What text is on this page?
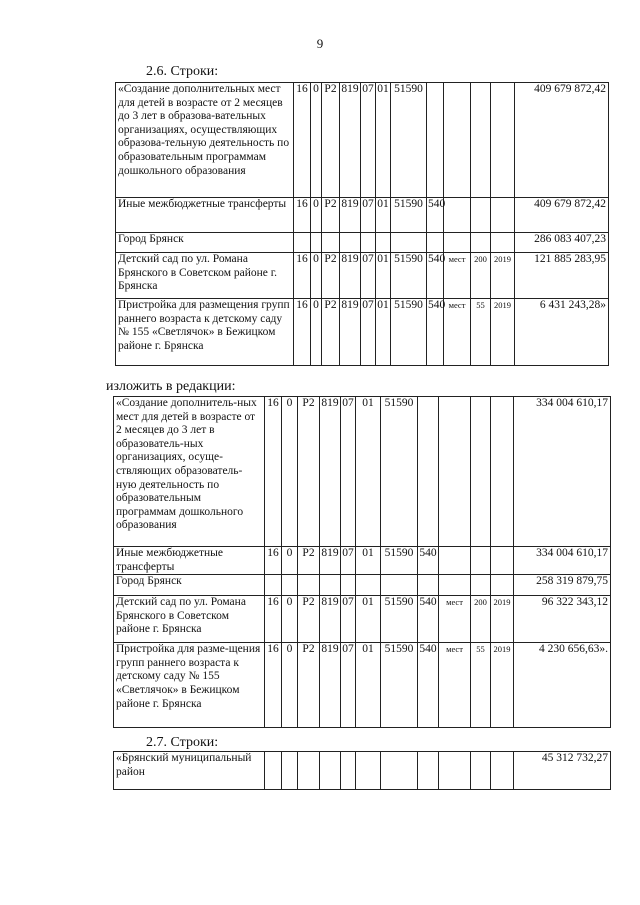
9
2.6. Строки:
«Создание дополнительных мест для детей в возрасте от 2 месяцев до 3 лет в образова-вательных организациях, осуществляющих образова-тельную деятельность по образовательным программам дошкольного образования	16	0	P2	819	07	01	51590					409 679 872,42
Иные межбюджетные трансферты	16	0	P2	819	07	01	51590	540				409 679 872,42
Город Брянск												286 083 407,23
Детский сад по ул. Романа Брянского в Советском районе г. Брянска	16	0	P2	819	07	01	51590	540	мест	200	2019	121 885 283,95
Пристройка для размещения групп раннего возраста к детскому саду № 155 «Светлячок» в Бежицком районе г. Брянска	16	0	P2	819	07	01	51590	540	мест	55	2019	6 431 243,28»
изложить в редакции:
«Создание дополнитель-ных мест для детей в возрасте от 2 месяцев до 3 лет в образователь-ных организациях, осуще-ствляющих образователь-ную деятельность по образовательным программам дошкольного образования	16	0	P2	819	07	01	51590					334 004 610,17
Иные межбюджетные трансферты	16	0	P2	819	07	01	51590	540				334 004 610,17
Город Брянск												258 319 879,75
Детский сад по ул. Романа Брянского в Советском районе г. Брянска	16	0	P2	819	07	01	51590	540	мест	200	2019	96 322 343,12
Пристройка для разме-щения групп раннего возраста к детскому саду № 155 «Светлячок» в Бежицком районе г. Брянска	16	0	P2	819	07	01	51590	540	мест	55	2019	4 230 656,63».
2.7. Строки:
«Брянский муниципальный район												45 312 732,27
